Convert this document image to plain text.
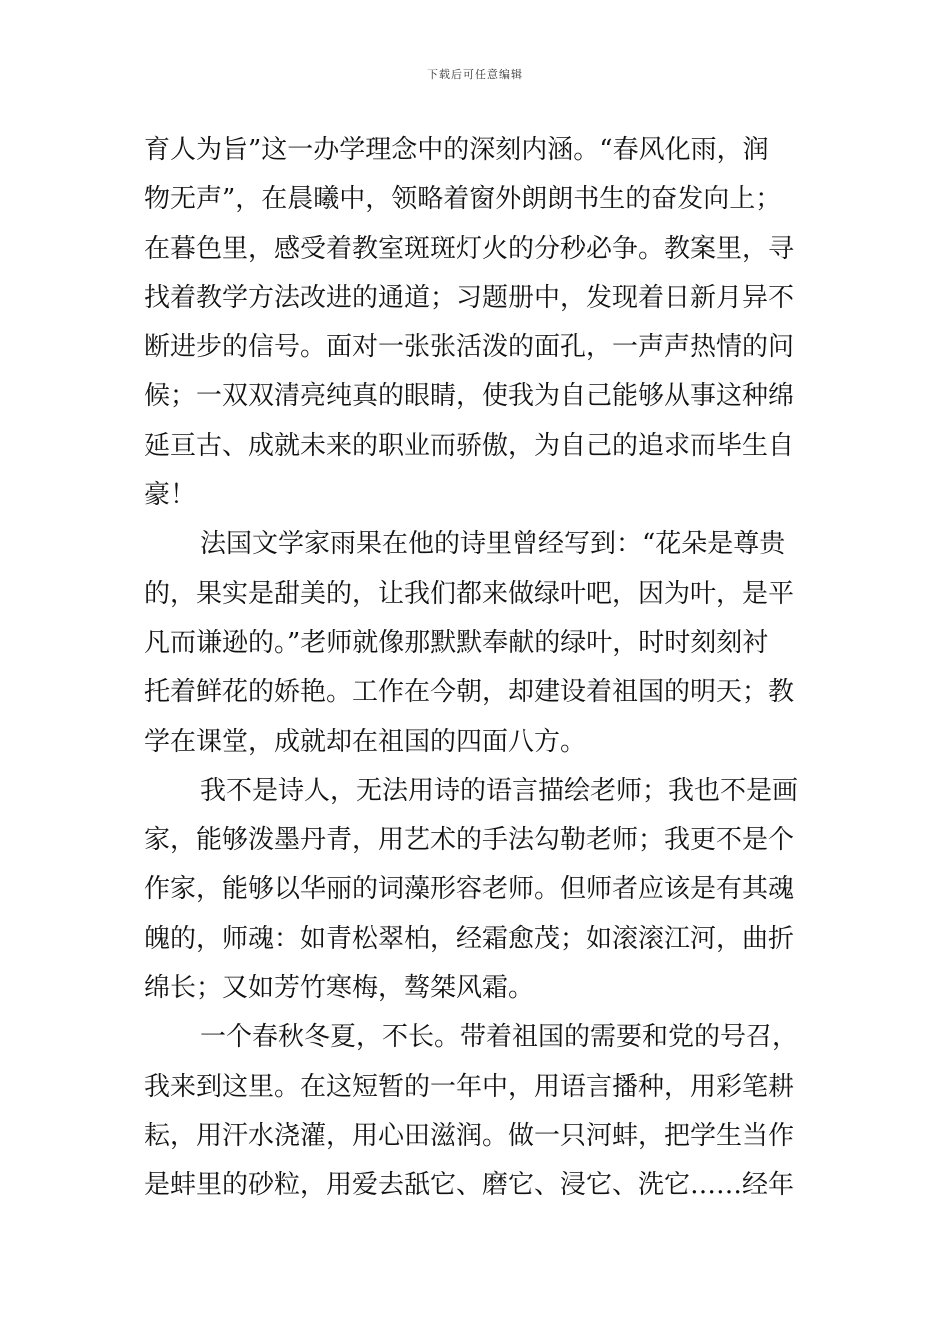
下载后可任意编辑
育人为旨”这一办学理念中的深刻内涵。“春风化雨，润
物无声”，在晨曦中，领略着窗外朗朗书生的奋发向上；
在暮色里，感受着教室斑斑灯火的分秒必争。教案里，寻
找着教学方法改进的通道；习题册中，发现着日新月异不
断进步的信号。面对一张张活泼的面孔，一声声热情的问
候；一双双清亮纯真的眼睛，使我为自己能够从事这种绵
延亘古、成就未来的职业而骄傲，为自己的追求而毕生自
豪！
法国文学家雨果在他的诗里曾经写到：“花朵是尊贵
的，果实是甜美的，让我们都来做绿叶吧，因为叶，是平
凡而谦逊的。”老师就像那默默奉献的绿叶，时时刻刻衬
托着鲜花的娇艳。工作在今朝，却建设着祖国的明天；教
学在课堂，成就却在祖国的四面八方。
我不是诗人，无法用诗的语言描绘老师；我也不是画
家，能够泼墨丹青，用艺术的手法勾勒老师；我更不是个
作家，能够以华丽的词藻形容老师。但师者应该是有其魂
魄的，师魂：如青松翠柏，经霜愈茂；如滚滚江河，曲折
绵长；又如芳竹寒梅，骜桀风霜。
一个春秋冬夏，不长。带着祖国的需要和党的号召，
我来到这里。在这短暂的一年中，用语言播种，用彩笔耕
耘，用汗水浇灌，用心田滋润。做一只河蚌，把学生当作
是蚌里的砂粒，用爱去舐它、磨它、浸它、洗它……经年
